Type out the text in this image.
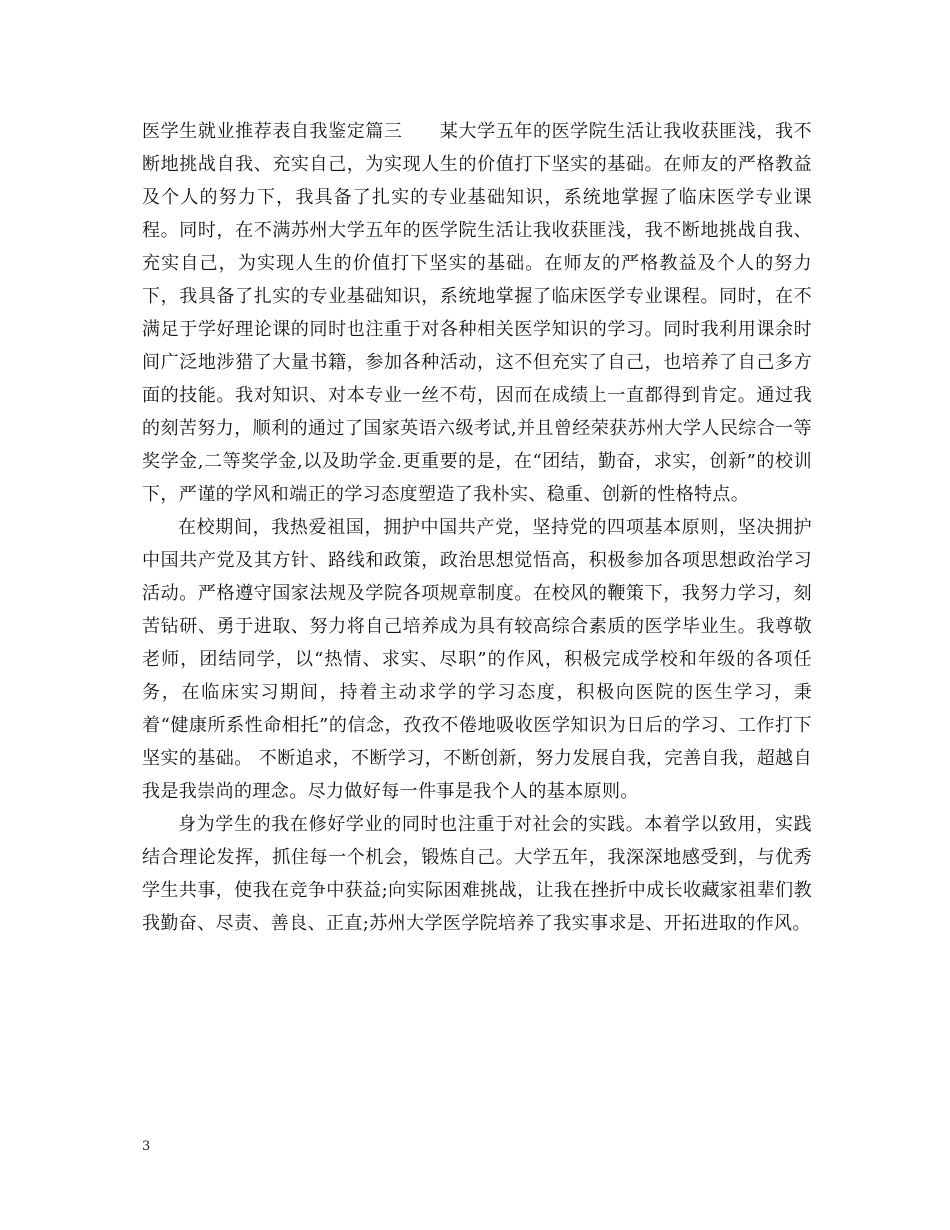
医学生就业推荐表自我鉴定篇三　　某大学五年的医学院生活让我收获匪浅，我不断地挑战自我、充实自己，为实现人生的价值打下坚实的基础。在师友的严格教益及个人的努力下，我具备了扎实的专业基础知识，系统地掌握了临床医学专业课程。同时，在不满苏州大学五年的医学院生活让我收获匪浅，我不断地挑战自我、充实自己，为实现人生的价值打下坚实的基础。在师友的严格教益及个人的努力下，我具备了扎实的专业基础知识，系统地掌握了临床医学专业课程。同时，在不满足于学好理论课的同时也注重于对各种相关医学知识的学习。同时我利用课余时间广泛地涉猎了大量书籍，参加各种活动，这不但充实了自己，也培养了自己多方面的技能。我对知识、对本专业一丝不苟，因而在成绩上一直都得到肯定。通过我的刻苦努力，顺利的通过了国家英语六级考试,并且曾经荣获苏州大学人民综合一等奖学金,二等奖学金,以及助学金.更重要的是，在“团结，勤奋，求实，创新”的校训下，严谨的学风和端正的学习态度塑造了我朴实、稳重、创新的性格特点。

在校期间，我热爱祖国，拥护中国共产党，坚持党的四项基本原则，坚决拥护中国共产党及其方针、路线和政策，政治思想觉悟高，积极参加各项思想政治学习活动。严格遵守国家法规及学院各项规章制度。在校风的鞭策下，我努力学习，刻苦钻研、勇于进取、努力将自己培养成为具有较高综合素质的医学毕业生。我尊敬老师，团结同学，以“热情、求实、尽职”的作风，积极完成学校和年级的各项任务，在临床实习期间，持着主动求学的学习态度，积极向医院的医生学习，秉着“健康所系性命相托”的信念，孜孜不倦地吸收医学知识为日后的学习、工作打下坚实的基础。 不断追求，不断学习，不断创新，努力发展自我，完善自我，超越自我是我崇尚的理念。尽力做好每一件事是我个人的基本原则。

身为学生的我在修好学业的同时也注重于对社会的实践。本着学以致用，实践结合理论发挥，抓住每一个机会，锻炼自己。大学五年，我深深地感受到，与优秀学生共事，使我在竞争中获益;向实际困难挑战，让我在挫折中成长收藏家祖辈们教我勤奋、尽责、善良、正直;苏州大学医学院培养了我实事求是、开拓进取的作风。

3
